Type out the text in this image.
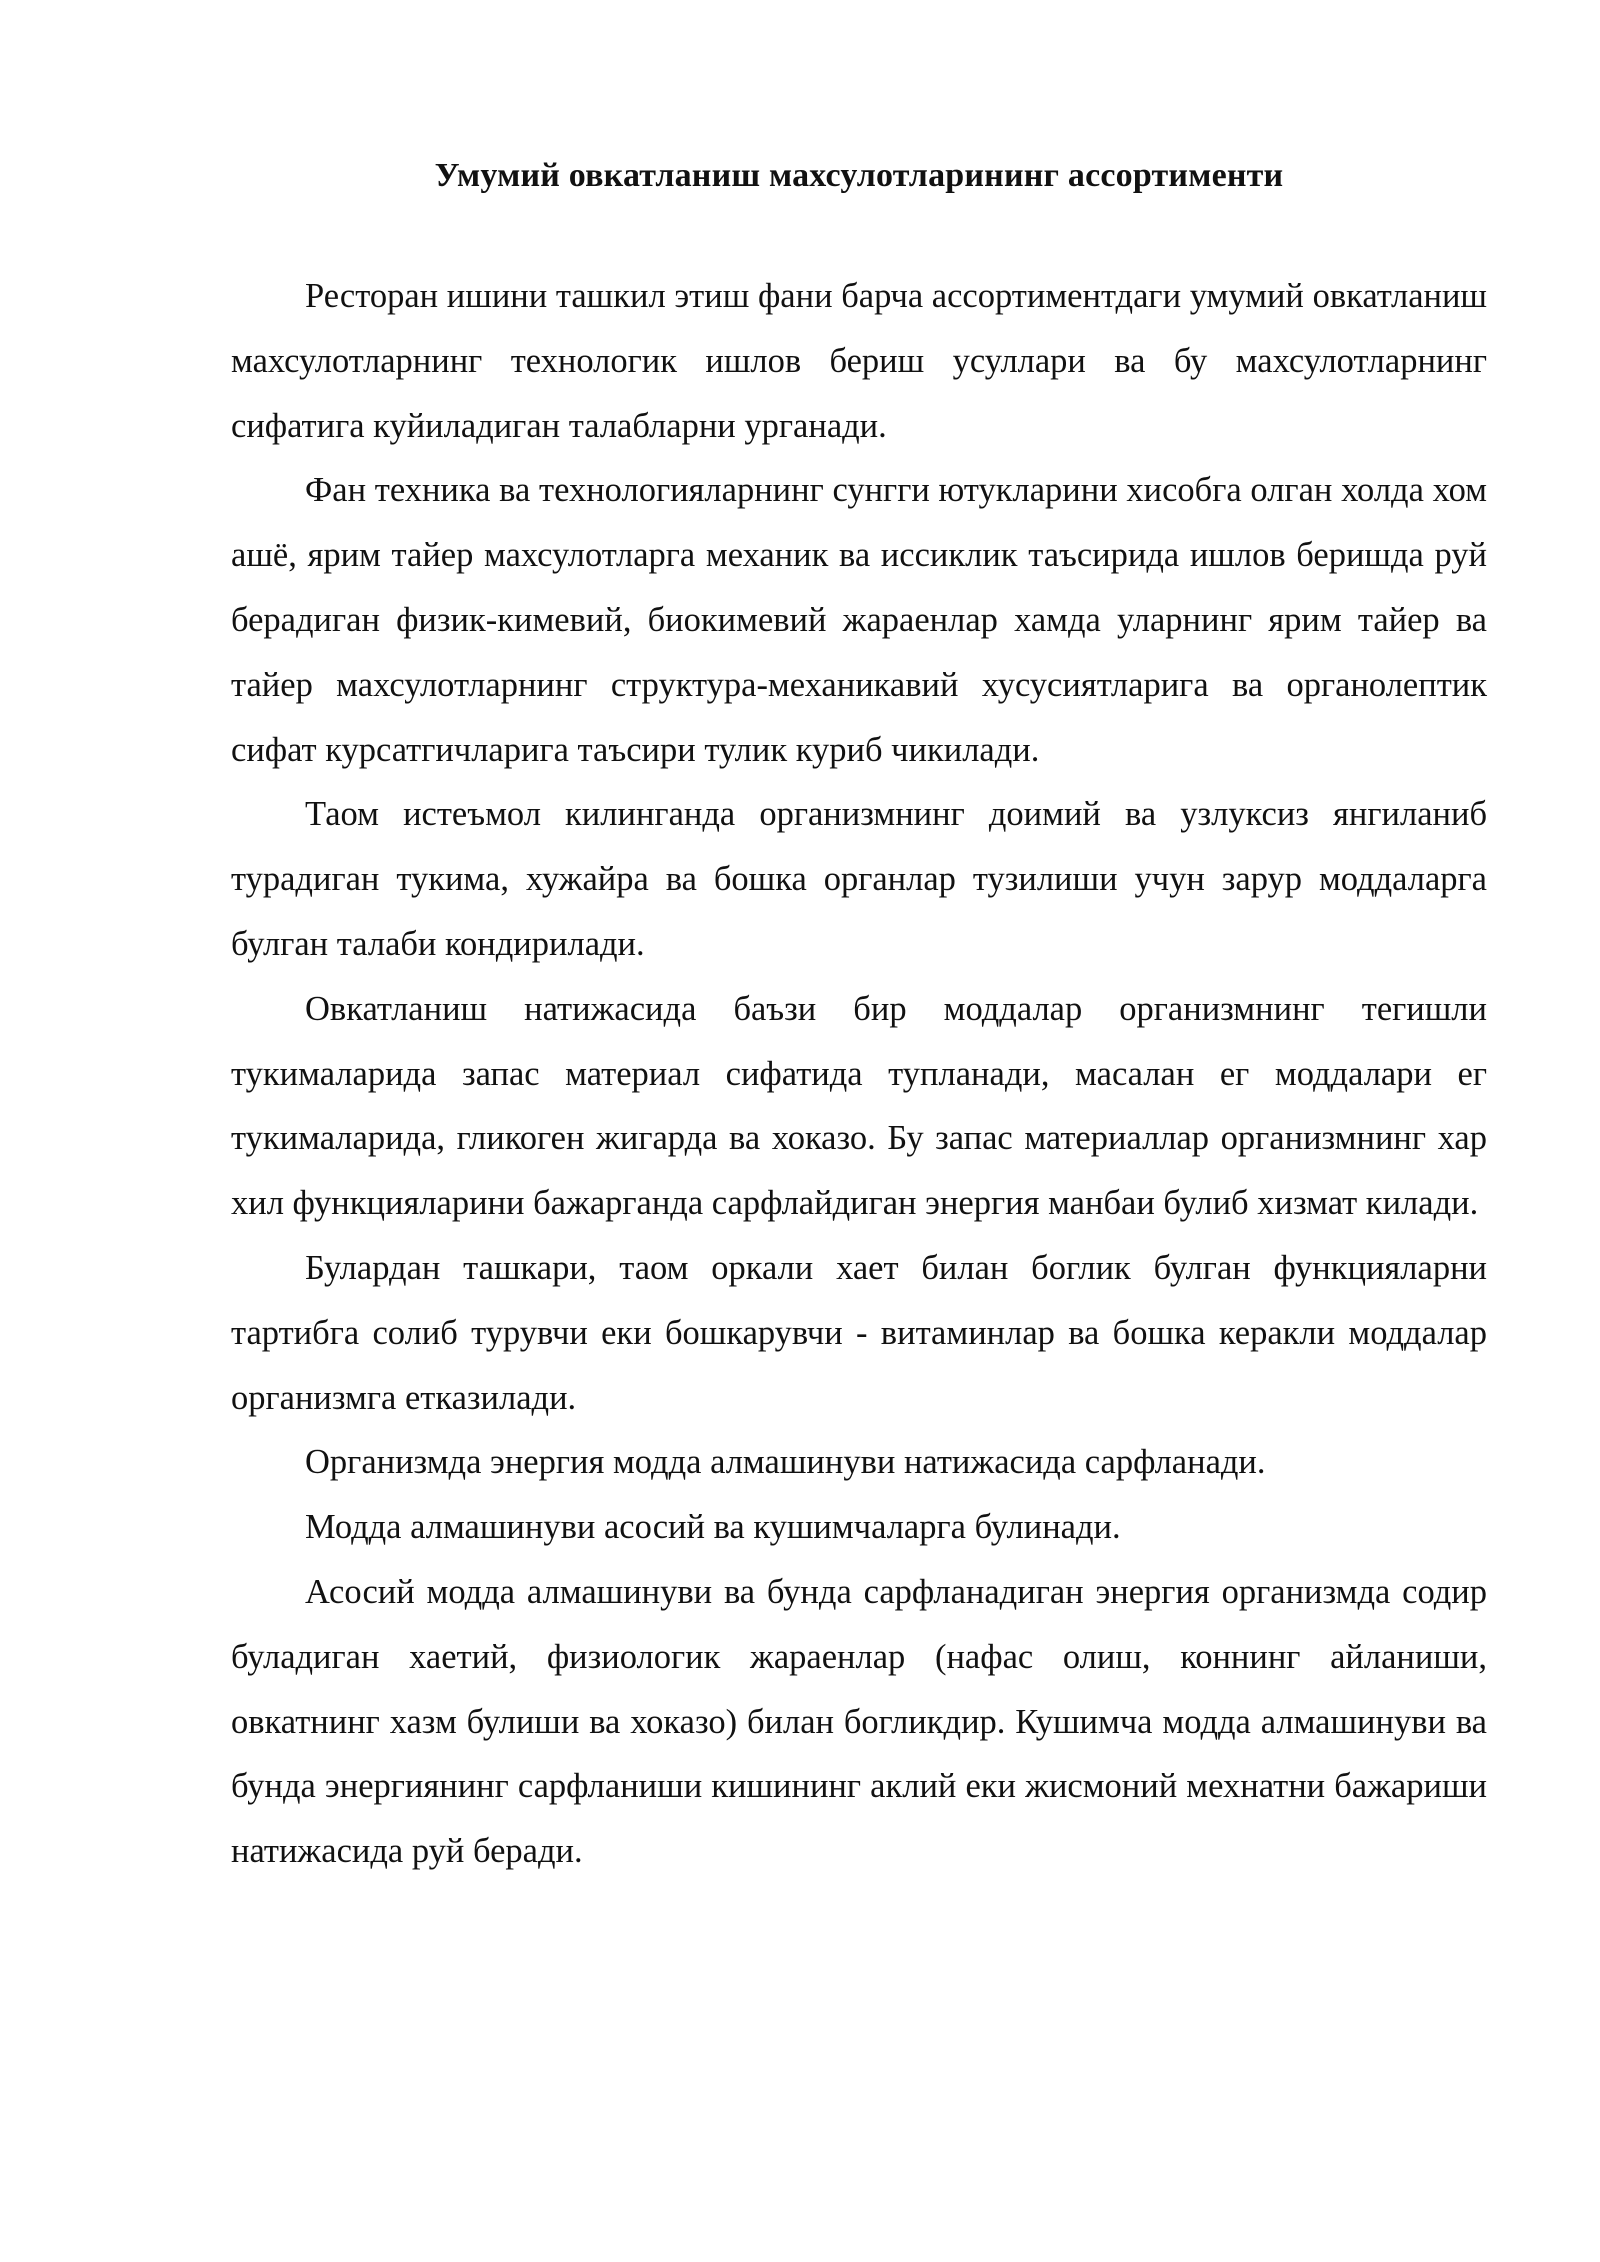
Умумий овкатланиш махсулотларининг ассортименти

Ресторан ишини ташкил этиш фани барча ассортиментдаги умумий овкатланиш махсулотларнинг технологик ишлов бериш усуллари ва бу махсулотларнинг сифатига куйиладиган талабларни урганади.

Фан техника ва технологияларнинг сунгги ютукларини хисобга олган холда хом ашё, ярим тайер махсулотларга механик ва иссиклик таъсирида ишлов беришда руй берадиган физик-кимевий, биокимевий жараенлар хамда уларнинг ярим тайер ва тайер махсулотларнинг структура-механикавий хусусиятларига ва органолептик сифат курсатгичларига таъсири тулик куриб чикилади.

Таом истеъмол килинганда организмнинг доимий ва узлуксиз янгиланиб турадиган тукима, хужайра ва бошка органлар тузилиши учун зарур моддаларга булган талаби кондирилади.

Овкатланиш натижасида баъзи бир моддалар организмнинг тегишли тукималарида запас материал сифатида тупланади, масалан ег моддалари ег тукималарида, гликоген жигарда ва хоказо. Бу запас материаллар организмнинг хар хил функцияларини бажарганда сарфлайдиган энергия манбаи булиб хизмат килади.

Булардан ташкари, таом оркали хает билан боглик булган функцияларни тартибга солиб турувчи еки бошкарувчи - витаминлар ва бошка керакли моддалар организмга етказилади.

Организмда энергия модда алмашинуви натижасида сарфланади.

Модда алмашинуви асосий ва кушимчаларга булинади.

Асосий модда алмашинуви ва бунда сарфланадиган энергия организмда содир буладиган хаетий, физиологик жараенлар (нафас олиш, коннинг айланиши, овкатнинг хазм булиши ва хоказо) билан богликдир. Кушимча модда алмашинуви ва бунда энергиянинг сарфланиши кишининг аклий еки жисмоний мехнатни бажариши натижасида руй беради.
